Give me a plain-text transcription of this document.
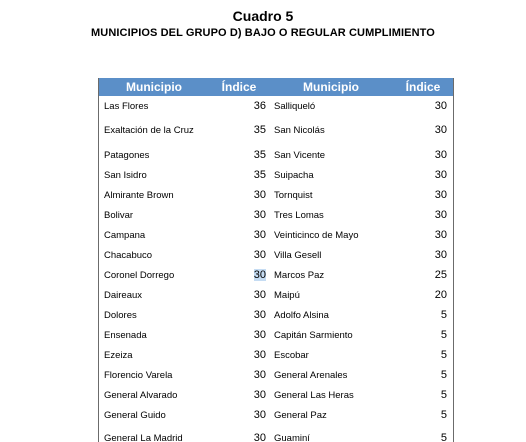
Cuadro 5
MUNICIPIOS DEL GRUPO D) BAJO O REGULAR CUMPLIMIENTO
Municipio	Índice	Municipio	Índice
Las Flores	36	Salliqueló	30
Exaltación de la Cruz	35	San Nicolás	30
Patagones	35	San Vicente	30
San Isidro	35	Suipacha	30
Almirante Brown	30	Tornquist	30
Bolivar	30	Tres Lomas	30
Campana	30	Veinticinco de Mayo	30
Chacabuco	30	Villa Gesell	30
Coronel Dorrego	30	Marcos Paz	25
Daireaux	30	Maipú	20
Dolores	30	Adolfo Alsina	5
Ensenada	30	Capitán Sarmiento	5
Ezeiza	30	Escobar	5
Florencio Varela	30	General Arenales	5
General Alvarado	30	General Las Heras	5
General Guido	30	General Paz	5
General La Madrid	30	Guaminí	5
